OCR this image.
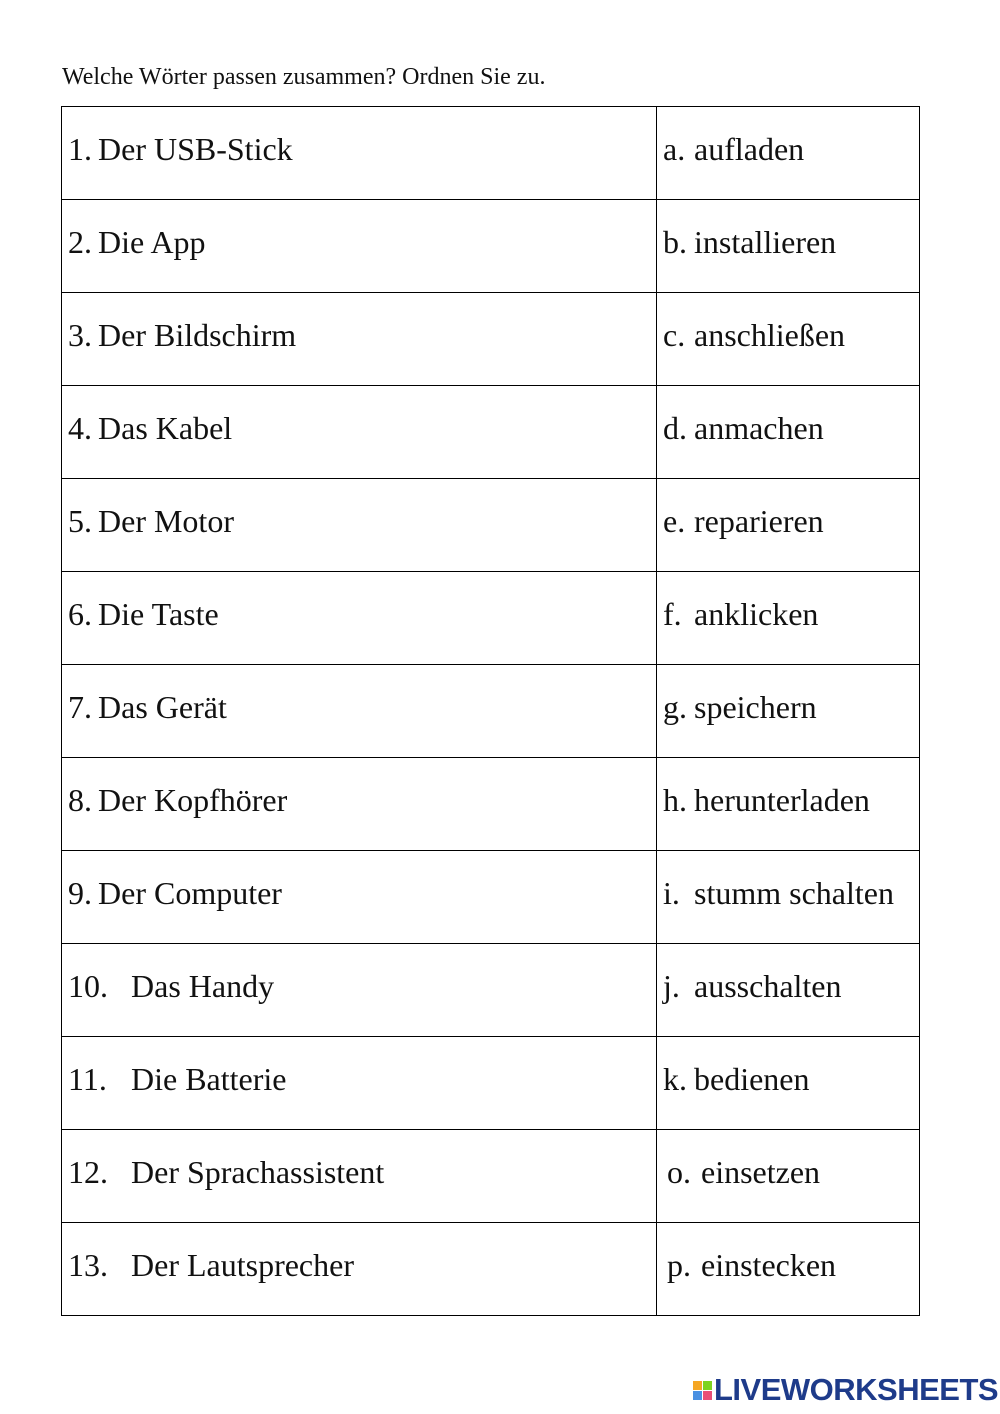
Welche Wörter passen zusammen? Ordnen Sie zu.
1. Der USB-Stick	a. aufladen

2. Die App	b. installieren

3. Der Bildschirm	c. anschließen

4. Das Kabel	d. anmachen

5. Der Motor	e. reparieren

6. Die Taste	f. anklicken

7. Das Gerät	g. speichern

8. Der Kopfhörer	h. herunterladen

9. Der Computer	i. stumm schalten

10. Das Handy	j. ausschalten

11. Die Batterie	k. bedienen

12. Der Sprachassistent	o. einsetzen

13. Der Lautsprecher	p. einstecken
LIVEWORKSHEETS
